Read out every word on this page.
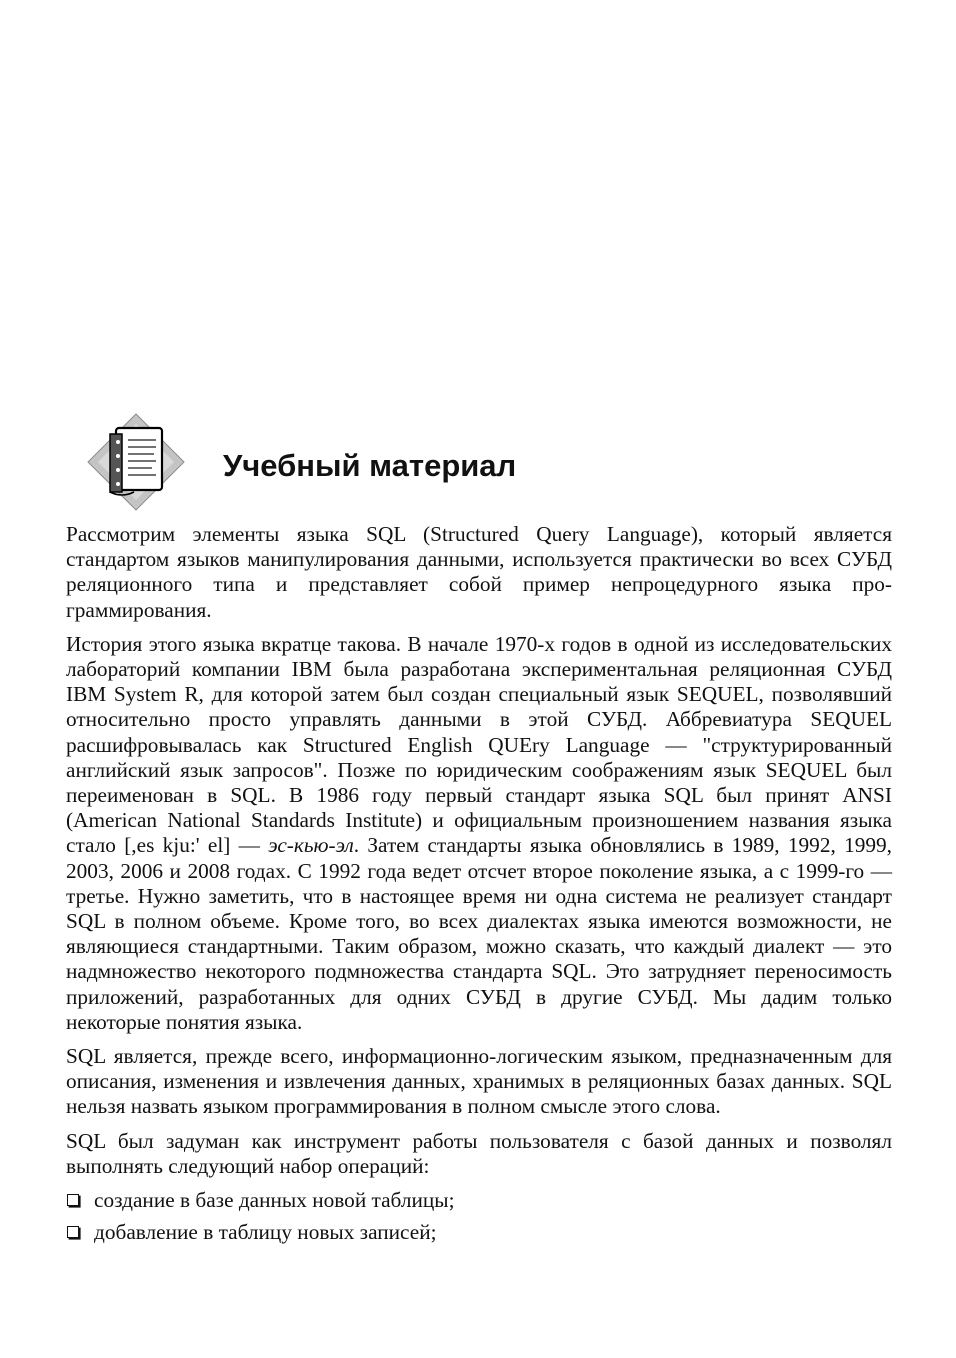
Учебный материал

Рассмотрим элементы языка SQL (Structured Query Language), который является стандартом языков манипулирования данными, используется практически во всех СУБД реляционного типа и представляет собой пример непроцедурного языка программирования.

История этого языка вкратце такова. В начале 1970-х годов в одной из исследовательских лабораторий компании IBM была разработана экспериментальная реляционная СУБД IBM System R, для которой затем был создан специальный язык SEQUEL, позволявший относительно просто управлять данными в этой СУБД. Аббревиатура SEQUEL расшифровывалась как Structured English QUEry Language — "структурированный английский язык запросов". Позже по юридическим соображениям язык SEQUEL был переименован в SQL. В 1986 году первый стандарт языка SQL был принят ANSI (American National Standards Institute) и официальным произношением названия языка стало [,es kju:' el] — эс-кью-эл. Затем стандарты языка обновлялись в 1989, 1992, 1999, 2003, 2006 и 2008 годах. С 1992 года ведет отсчет второе поколение языка, а с 1999-го — третье. Нужно заметить, что в настоящее время ни одна система не реализует стандарт SQL в полном объеме. Кроме того, во всех диалектах языка имеются возможности, не являющиеся стандартными. Таким образом, можно сказать, что каждый диалект — это надмножество некоторого подмножества стандарта SQL. Это затрудняет переносимость приложений, разработанных для одних СУБД в другие СУБД. Мы дадим только некоторые понятия языка.

SQL является, прежде всего, информационно-логическим языком, предназначенным для описания, изменения и извлечения данных, хранимых в реляционных базах данных. SQL нельзя назвать языком программирования в полном смысле этого слова.

SQL был задуман как инструмент работы пользователя с базой данных и позволял выполнять следующий набор операций:

создание в базе данных новой таблицы;
добавление в таблицу новых записей;
